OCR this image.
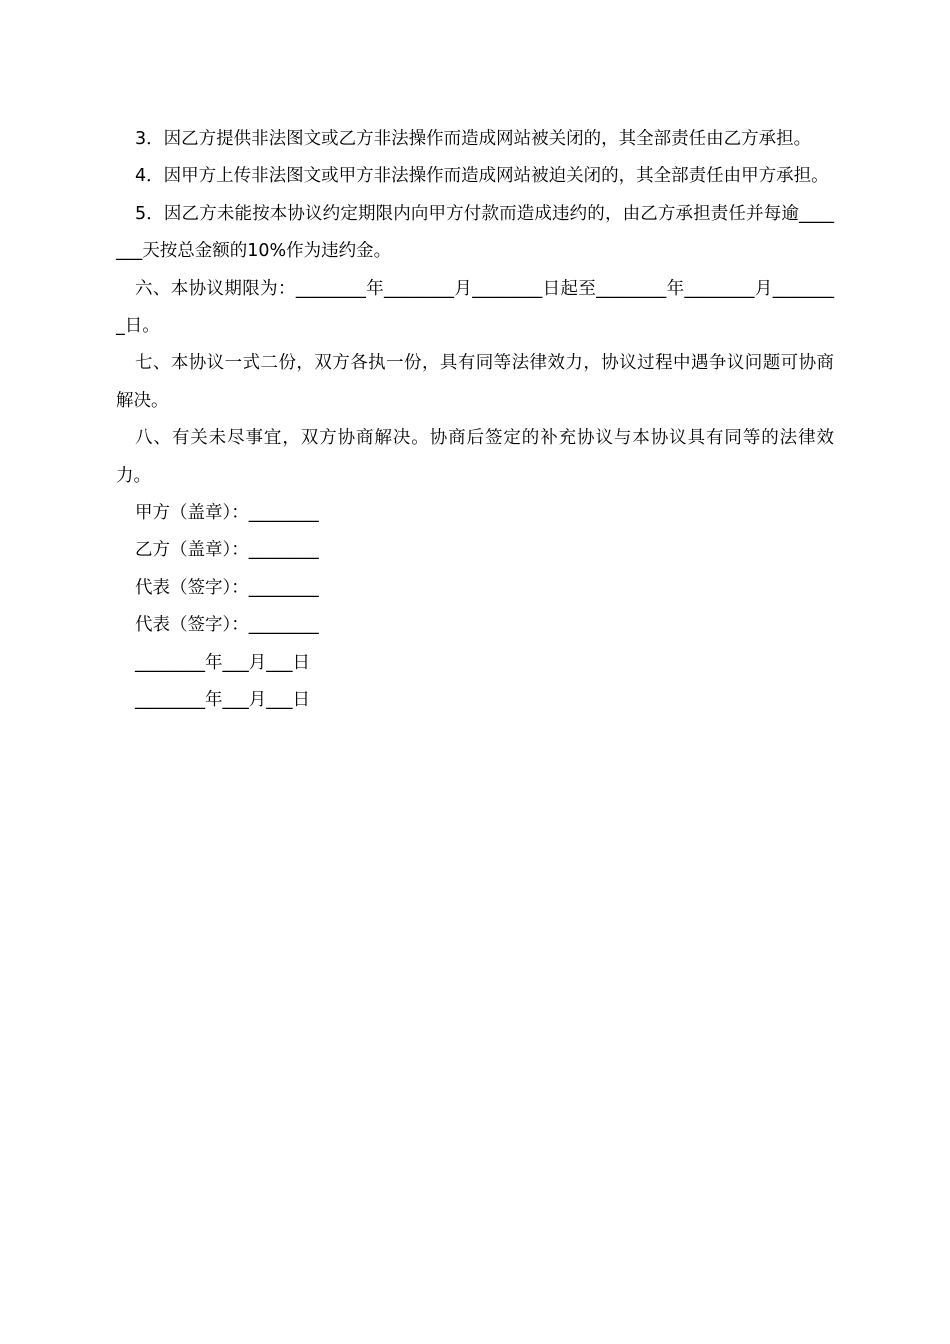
3．因乙方提供非法图文或乙方非法操作而造成网站被关闭的，其全部责任由乙方承担。

4．因甲方上传非法图文或甲方非法操作而造成网站被迫关闭的，其全部责任由甲方承担。

5．因乙方未能按本协议约定期限内向甲方付款而造成违约的，由乙方承担责任并每逾_______天按总金额的10%作为违约金。

六、本协议期限为：________年________月________日起至________年________月________日。

七、本协议一式二份，双方各执一份，具有同等法律效力，协议过程中遇争议问题可协商解决。

八、有关未尽事宜，双方协商解决。协商后签定的补充协议与本协议具有同等的法律效力。

甲方（盖章）：________

乙方（盖章）：________

代表（签字）：________

代表（签字）：________

________年___月___日

________年___月___日
